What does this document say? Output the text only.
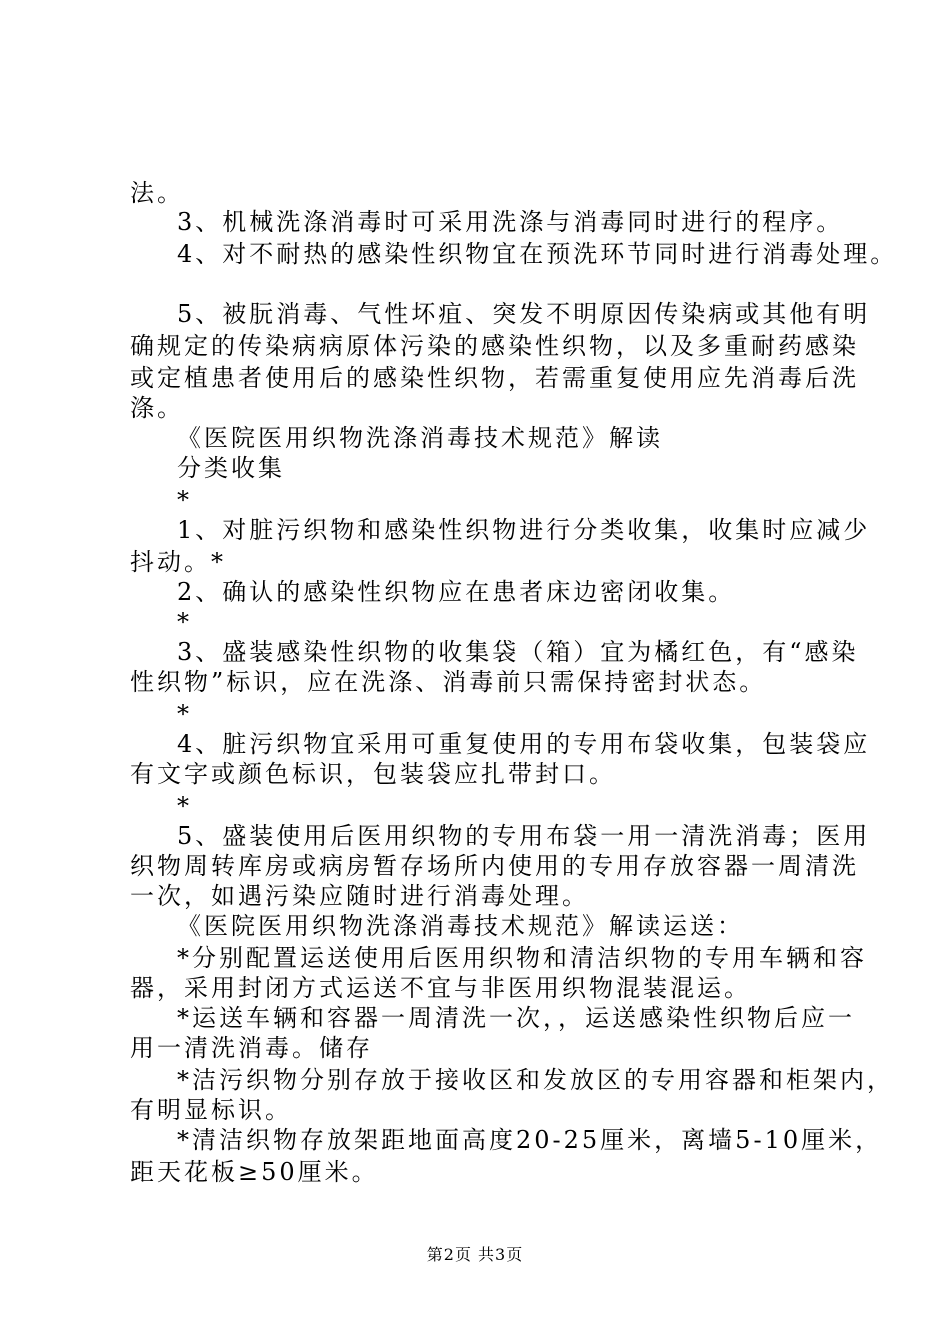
法。
3、机械洗涤消毒时可采用洗涤与消毒同时进行的程序。
4、对不耐热的感染性织物宜在预洗环节同时进行消毒处理。
5、被朊消毒、气性坏疽、突发不明原因传染病或其他有明
确规定的传染病病原体污染的感染性织物，以及多重耐药感染
或定植患者使用后的感染性织物，若需重复使用应先消毒后洗
涤。
《医院医用织物洗涤消毒技术规范》解读
分类收集
*
1、对脏污织物和感染性织物进行分类收集，收集时应减少
抖动。*
2、确认的感染性织物应在患者床边密闭收集。
*
3、盛装感染性织物的收集袋（箱）宜为橘红色，有“感染
性织物”标识，应在洗涤、消毒前只需保持密封状态。
*
4、脏污织物宜采用可重复使用的专用布袋收集，包装袋应
有文字或颜色标识，包装袋应扎带封口。
*
5、盛装使用后医用织物的专用布袋一用一清洗消毒；医用
织物周转库房或病房暂存场所内使用的专用存放容器一周清洗
一次，如遇污染应随时进行消毒处理。
《医院医用织物洗涤消毒技术规范》解读运送：
*分别配置运送使用后医用织物和清洁织物的专用车辆和容
器，采用封闭方式运送不宜与非医用织物混装混运。
*运送车辆和容器一周清洗一次，，运送感染性织物后应一
用一清洗消毒。储存
*洁污织物分别存放于接收区和发放区的专用容器和柜架内，
有明显标识。
*清洁织物存放架距地面高度20-25厘米，离墙5-10厘米，
距天花板≥50厘米。
第2页 共3页
